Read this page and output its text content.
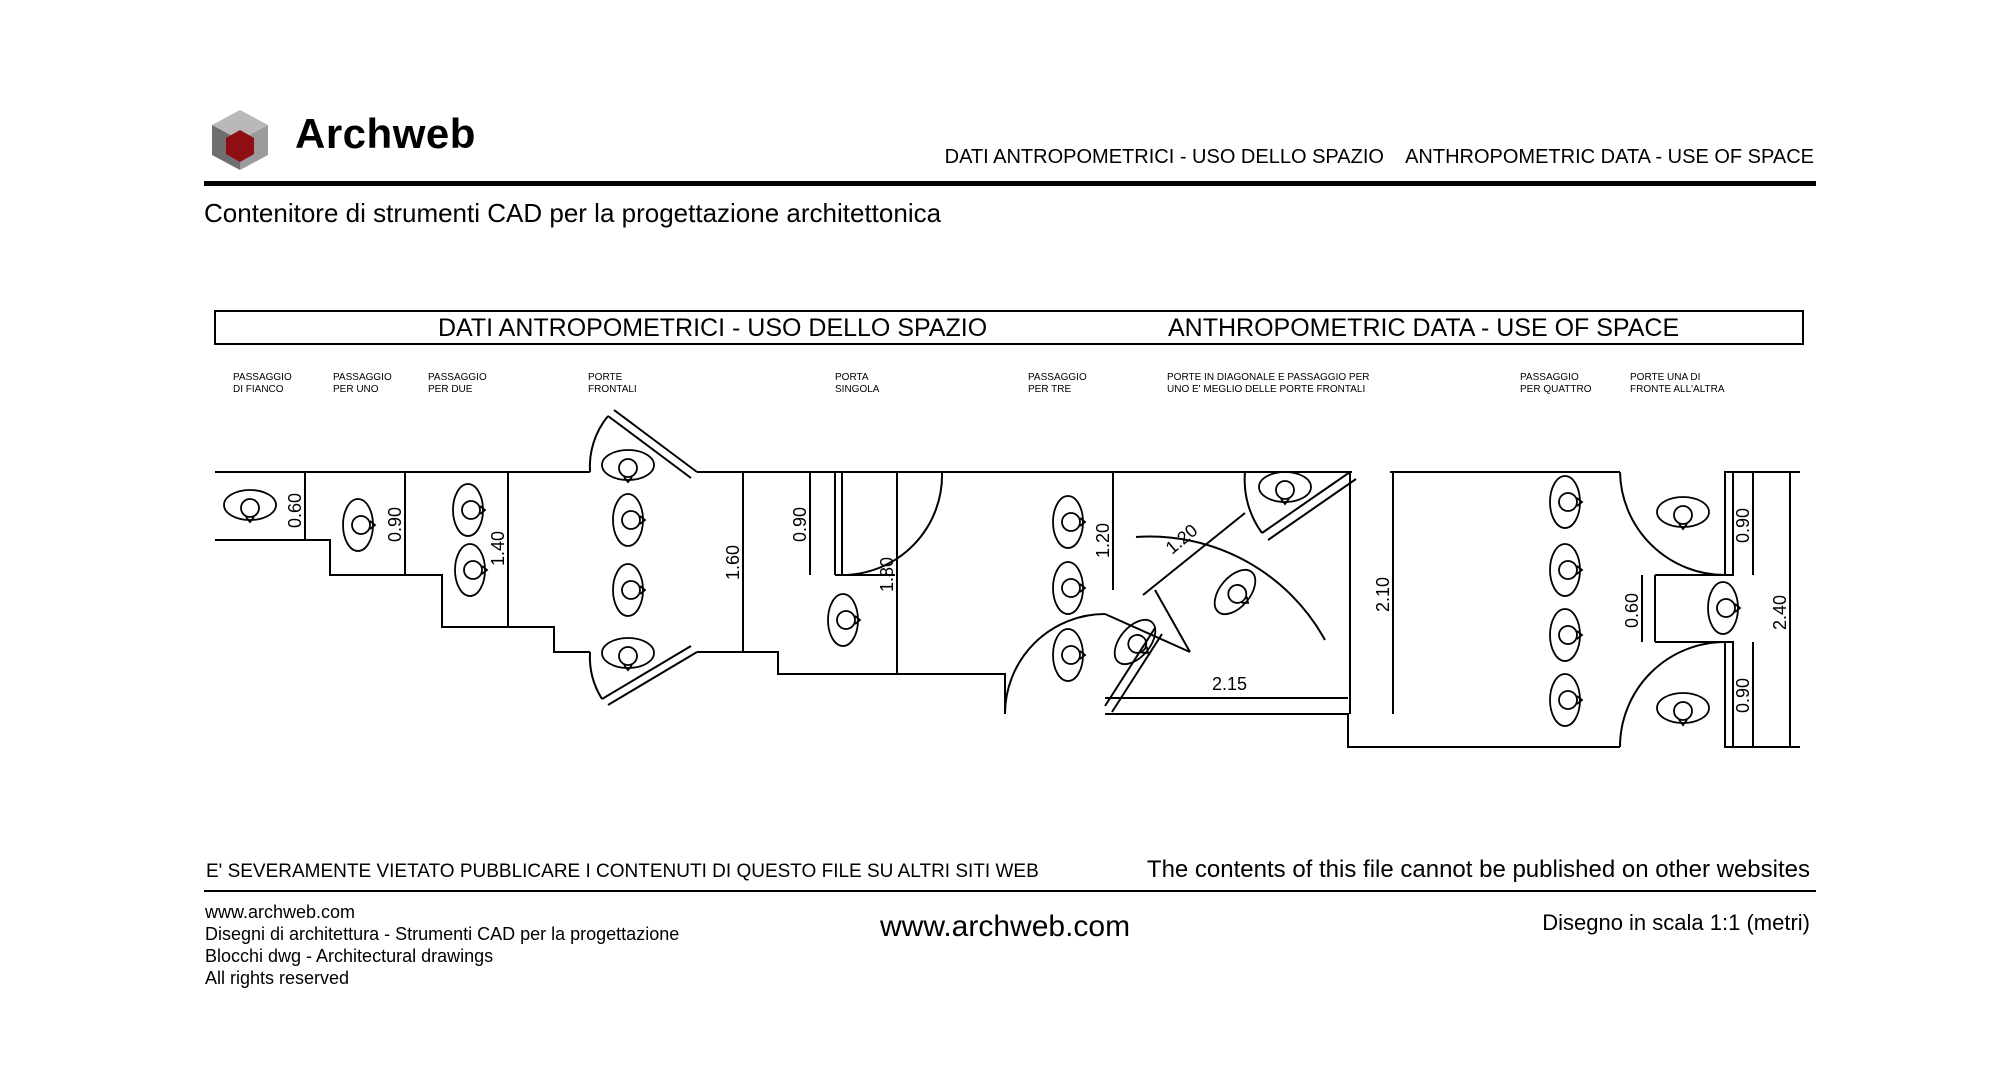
Archweb	DATI ANTROPOMETRICI - USO DELLO SPAZIO    ANTHROPOMETRIC DATA - USE OF SPACE
Contenitore di strumenti CAD per la progettazione architettonica
DATI ANTROPOMETRICI - USO DELLO SPAZIO	ANTHROPOMETRIC DATA - USE OF SPACE
PASSAGGIO
DI FIANCO
PASSAGGIO
PER UNO
PASSAGGIO
PER DUE
PORTE
FRONTALI
PORTA
SINGOLA
PASSAGGIO
PER TRE
PORTE IN DIAGONALE E PASSAGGIO PER
UNO E' MEGLIO DELLE PORTE FRONTALI
PASSAGGIO
PER QUATTRO
PORTE UNA DI
FRONTE ALL'ALTRA
0.60	0.90
1.40	1.60
0.90
1.80
1.20	1.20
2.15
2.10
0.90
0.60
0.90
2.40
E' SEVERAMENTE VIETATO PUBBLICARE I CONTENUTI DI QUESTO FILE SU ALTRI SITI WEB	The contents of this file cannot be published on other websites
www.archweb.com
Disegni di architettura - Strumenti CAD per la progettazione
Blocchi dwg - Architectural drawings
All rights reserved
www.archweb.com	Disegno in scala 1:1 (metri)
